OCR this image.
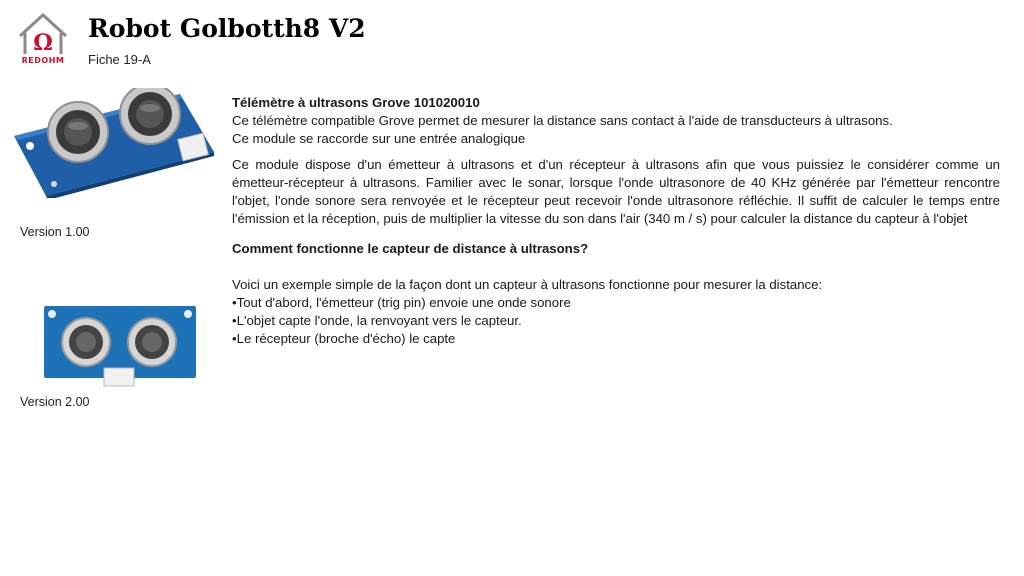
Ω
REDOHM
Robot Golbotth8 V2
Fiche 19-A
Version 1.00
Version 2.00

Télémètre à ultrasons Grove 101020010

Ce télémètre compatible Grove permet de mesurer la distance sans contact à l'aide de transducteurs à ultrasons.

Ce module se raccorde sur une entrée analogique

Ce module dispose d'un émetteur à ultrasons et d'un récepteur à ultrasons afin que vous puissiez le considérer comme un émetteur-récepteur à ultrasons. Familier avec le sonar, lorsque l'onde ultrasonore de 40 KHz générée par l'émetteur rencontre l'objet, l'onde sonore sera renvoyée et le récepteur peut recevoir l'onde ultrasonore réfléchie. Il suffit de calculer le temps entre l'émission et la réception, puis de multiplier la vitesse du son dans l'air (340 m / s) pour calculer la distance du capteur à l'objet

Comment fonctionne le capteur de distance à ultrasons?

Voici un exemple simple de la façon dont un capteur à ultrasons fonctionne pour mesurer la distance:

•Tout d'abord, l'émetteur (trig pin) envoie une onde sonore

•L'objet capte l'onde, la renvoyant vers le capteur.

•Le récepteur (broche d'écho) le capte
